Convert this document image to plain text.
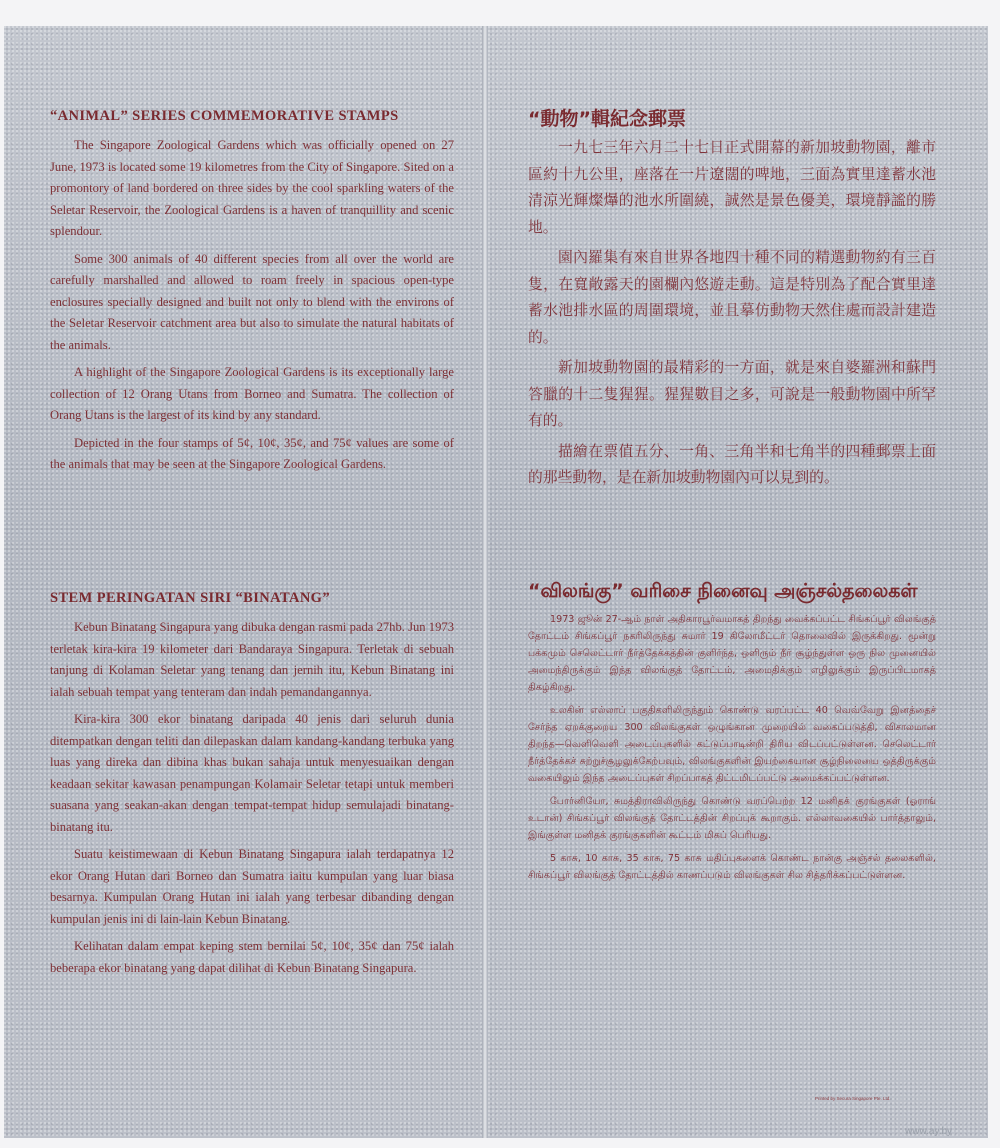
“ANIMAL” SERIES COMMEMORATIVE STAMPS

The Singapore Zoological Gardens which was officially opened on 27 June, 1973 is located some 19 kilometres from the City of Singapore. Sited on a promontory of land bordered on three sides by the cool sparkling waters of the Seletar Reservoir, the Zoological Gardens is a haven of tranquillity and scenic splendour.

Some 300 animals of 40 different species from all over the world are carefully marshalled and allowed to roam freely in spacious open-type enclosures specially designed and built not only to blend with the environs of the Seletar Reservoir catchment area but also to simulate the natural habitats of the animals.

A highlight of the Singapore Zoological Gardens is its exceptionally large collection of 12 Orang Utans from Borneo and Sumatra. The collection of Orang Utans is the largest of its kind by any standard.

Depicted in the four stamps of 5¢, 10¢, 35¢, and 75¢ values are some of the animals that may be seen at the Singapore Zoological Gardens.

STEM PERINGATAN SIRI “BINATANG”

Kebun Binatang Singapura yang dibuka dengan rasmi pada 27hb. Jun 1973 terletak kira-kira 19 kilometer dari Bandaraya Singapura. Terletak di sebuah tanjung di Kolaman Seletar yang tenang dan jernih itu, Kebun Binatang ini ialah sebuah tempat yang tenteram dan indah pemandangannya.

Kira-kira 300 ekor binatang daripada 40 jenis dari seluruh dunia ditempatkan dengan teliti dan dilepaskan dalam kandang-kandang terbuka yang luas yang direka dan dibina khas bukan sahaja untuk menyesuaikan dengan keadaan sekitar kawasan penampungan Kolamair Seletar tetapi untuk memberi suasana yang seakan-akan dengan tempat-tempat hidup semulajadi binatang-binatang itu.

Suatu keistimewaan di Kebun Binatang Singapura ialah terdapatnya 12 ekor Orang Hutan dari Borneo dan Sumatra iaitu kumpulan yang luar biasa besarnya. Kumpulan Orang Hutan ini ialah yang terbesar dibanding dengan kumpulan jenis ini di lain-lain Kebun Binatang.

Kelihatan dalam empat keping stem bernilai 5¢, 10¢, 35¢ dan 75¢ ialah beberapa ekor binatang yang dapat dilihat di Kebun Binatang Singapura.

“動物”輯紀念郵票

一九七三年六月二十七日正式開幕的新加坡動物園，離市區約十九公里，座落在一片遼闊的啤地，三面為實里達蓄水池清涼光輝燦爗的池水所圍繞，誠然是景色優美，環境靜謐的勝地。

園內羅集有來自世界各地四十種不同的精選動物約有三百隻，在寬敞露天的園欄內悠遊走動。這是特別為了配合實里達蓄水池排水區的周圍環境，並且摹仿動物天然住處而設計建造的。

新加坡動物園的最精彩的一方面，就是來自婆羅洲和蘇門答臘的十二隻猩猩。猩猩數目之多，可說是一般動物園中所罕有的。

描繪在票值五分、一角、三角半和七角半的四種郵票上面的那些動物，是在新加坡動物園內可以見到的。

“விலங்கு” வரிசை நினைவு அஞ்சல்தலைகள்

1973 ஜூன் 27-ஆம் நாள் அதிகாரபூர்வமாகத் திறந்து வைக்கப்பட்ட சிங்கப்பூர் விலங்குத் தோட்டம் சிங்கப்பூர் நகரிலிருந்து சுமார் 19 கிலோமீட்டர் தொலைவில் இருக்கிறது. மூன்று பக்கமும் செலெட்டார் நீர்த்தேக்கத்தின் குளிர்ந்த, ஒளிரும் நீர் சூழ்ந்துள்ள ஒரு நில முனையில் அமைந்திருக்கும் இந்த விலங்குத் தோட்டம், அமைதிக்கும் எழிலுக்கும் இருப்பிடமாகத் திகழ்கிறது.

உலகின் எல்லாப் பகுதிகளிலிருந்தும் கொண்டு வரப்பட்ட 40 வெவ்வேறு இனத்தைச் சேர்ந்த ஏறக்குறைய 300 விலங்குகள் ஒழுங்கான முறையில் வகைப்படுத்தி, விசாலமான திறந்த—வெளிவெளி அடைப்புகளில் கட்டுப்பாடின்றி திரிய விடப்பட்டுள்ளன. செலெட்டார் நீர்த்தேக்கச் சுற்றுச்சூழலுக்கேற்பவும், விலங்குகளின் இயற்கையான சூழ்நிலையை ஒத்திருக்கும் வகையிலும் இந்த அடைப்புகள் சிறப்பாகத் திட்டமிடப்பட்டு அமைக்கப்பட்டுள்ளன.

போர்னியோ, சுமத்திராவிலிருந்து கொண்டு வரப்பெற்ற 12 மனிதக் குரங்குகள் (ஓராங் உடான்) சிங்கப்பூர் விலங்குத் தோட்டத்தின் சிறப்புக் கூறாகும். எல்லாவகையில் பார்த்தாலும், இங்குள்ள மனிதக் குரங்குகளின் கூட்டம் மிகப் பெரியது.

5 காசு, 10 காசு, 35 காசு, 75 காசு மதிப்புகளைக் கொண்ட நான்கு அஞ்சல் தலைகளில், சிங்கப்பூர் விலங்குத் தோட்டத்தில் காணப்படும் விலங்குகள் சில சித்தரிக்கப்பட்டுள்ளன.

Printed by Secura Singapore Pte. Ltd.
www.ay.by
